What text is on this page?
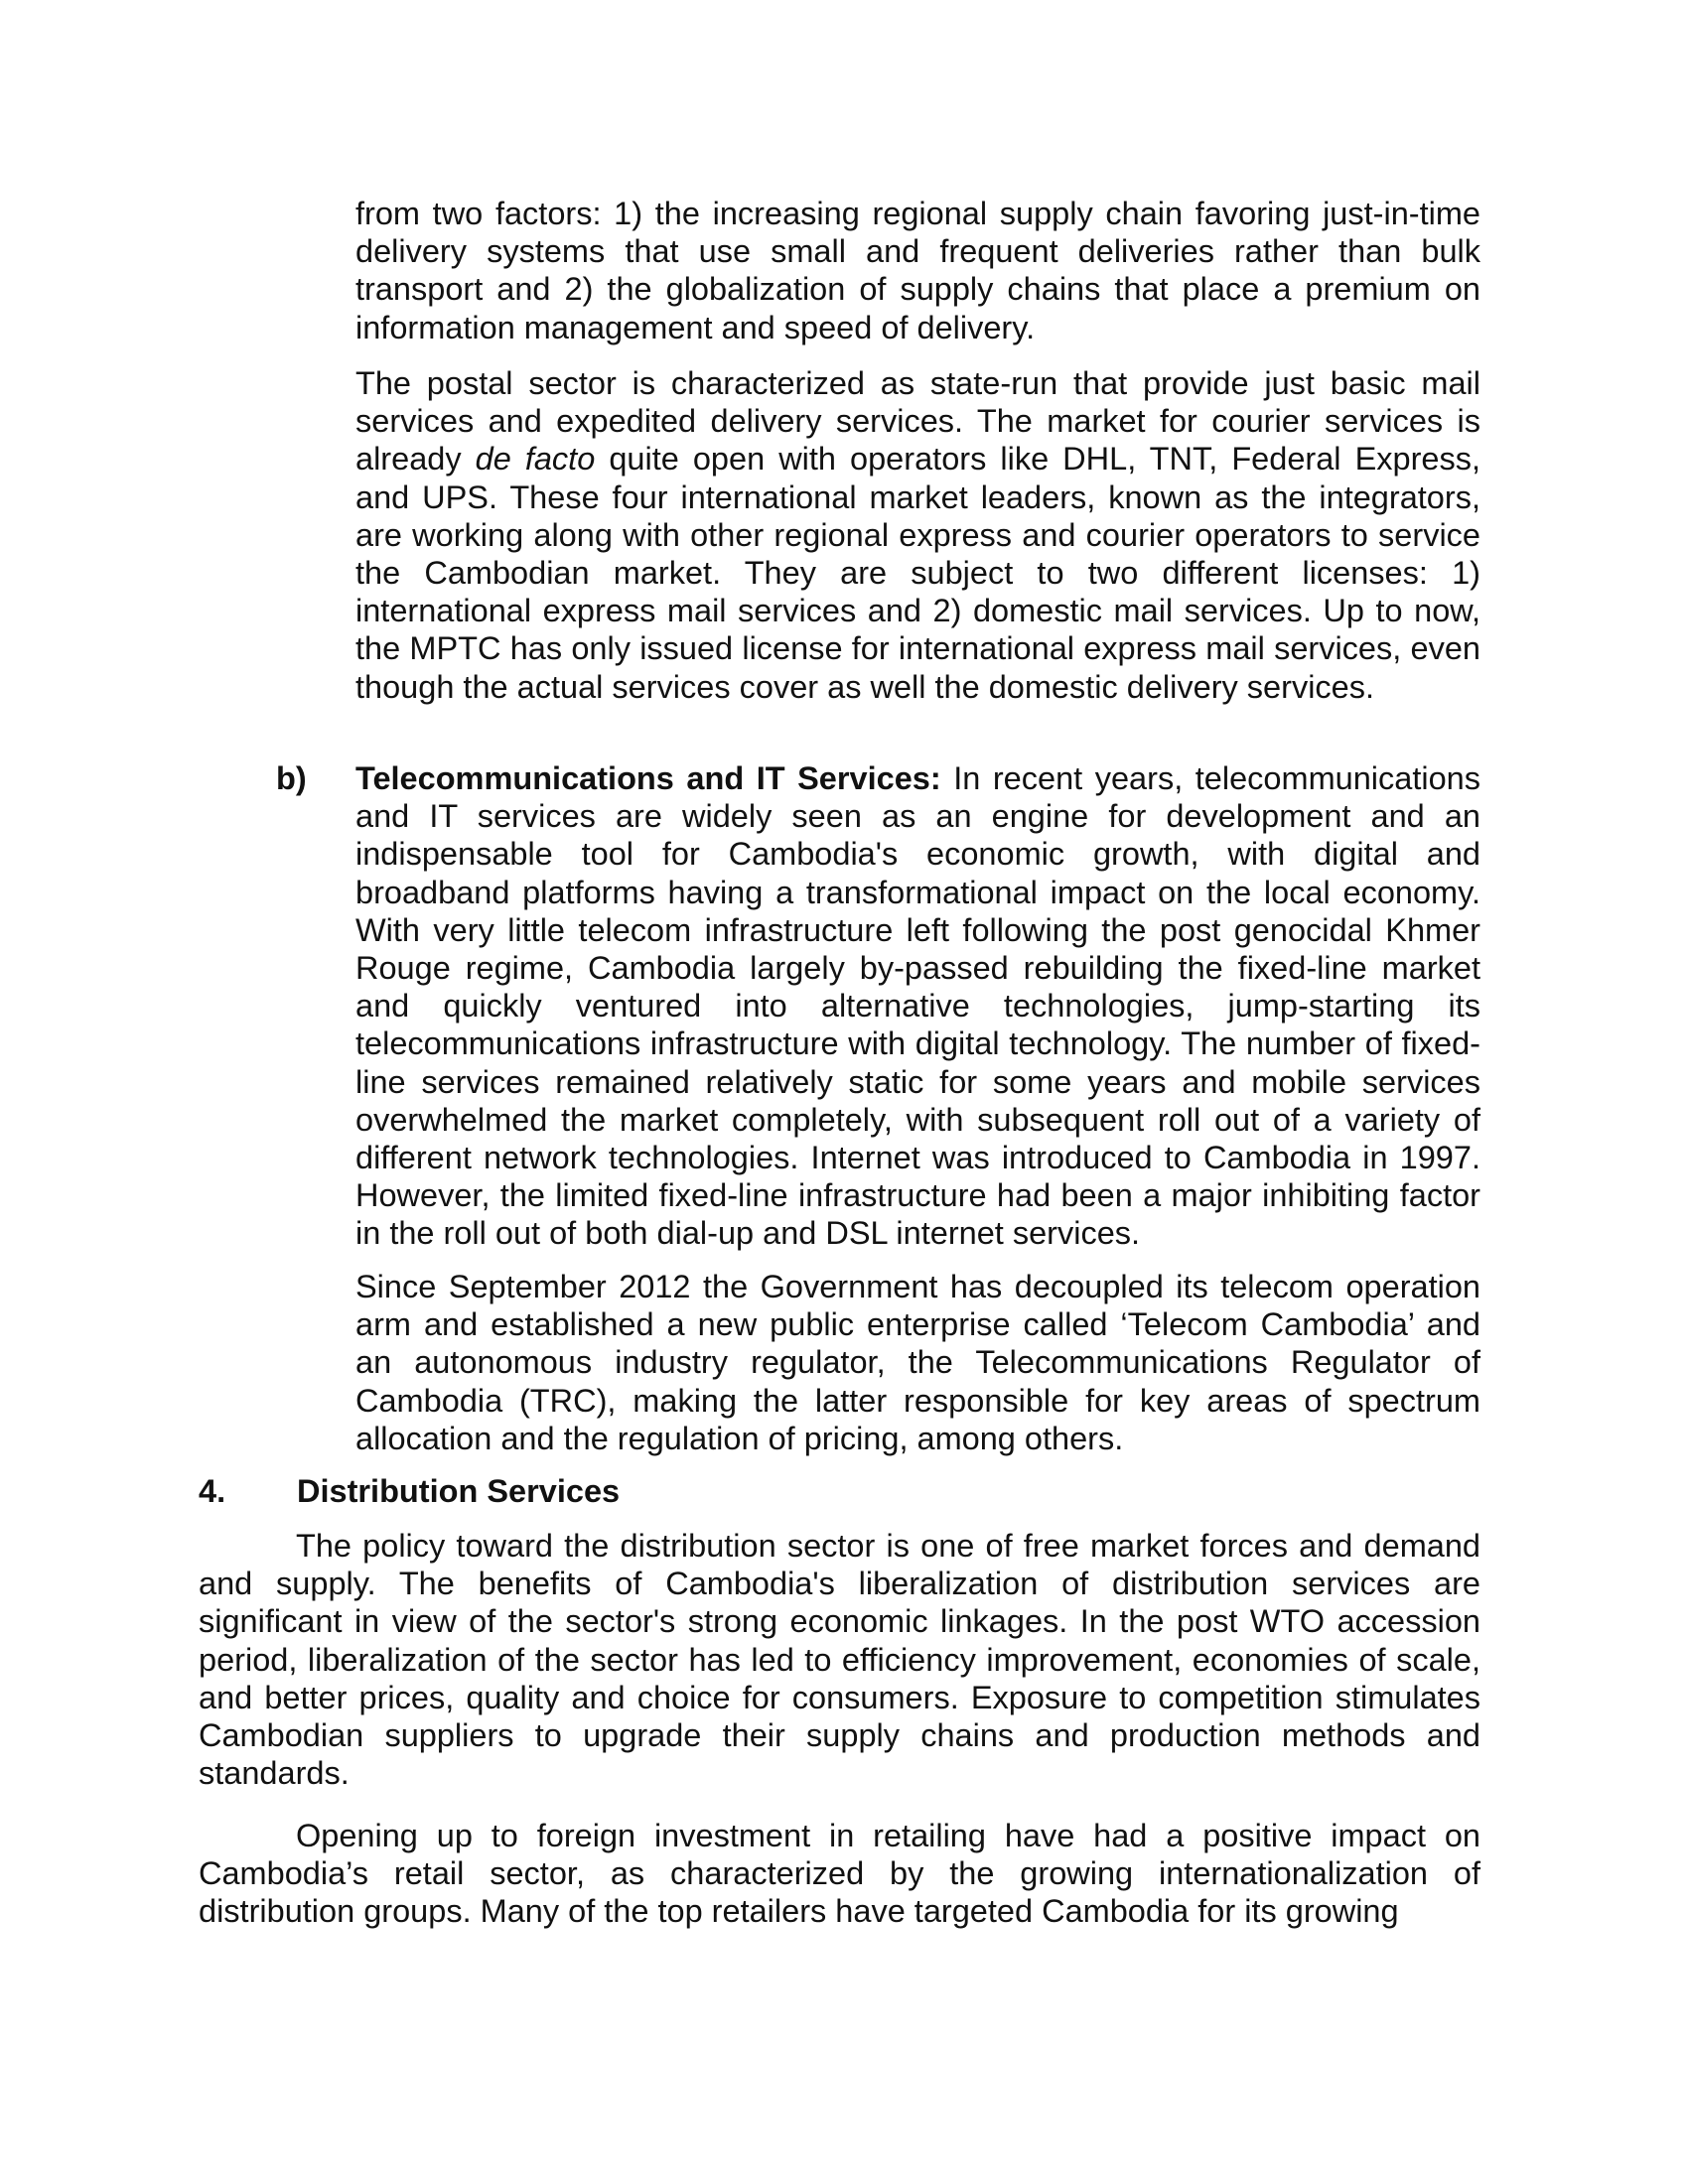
from two factors: 1) the increasing regional supply chain favoring just-in-time delivery systems that use small and frequent deliveries rather than bulk transport and 2) the globalization of supply chains that place a premium on information management and speed of delivery.

The postal sector is characterized as state-run that provide just basic mail services and expedited delivery services. The market for courier services is already de facto quite open with operators like DHL, TNT, Federal Express, and UPS. These four international market leaders, known as the integrators, are working along with other regional express and courier operators to service the Cambodian market. They are subject to two different licenses: 1) international express mail services and 2) domestic mail services. Up to now, the MPTC has only issued license for international express mail services, even though the actual services cover as well the domestic delivery services.

b) Telecommunications and IT Services: In recent years, telecommunications and IT services are widely seen as an engine for development and an indispensable tool for Cambodia's economic growth, with digital and broadband platforms having a transformational impact on the local economy. With very little telecom infrastructure left following the post genocidal Khmer Rouge regime, Cambodia largely by-passed rebuilding the fixed-line market and quickly ventured into alternative technologies, jump-starting its telecommunications infrastructure with digital technology. The number of fixed-line services remained relatively static for some years and mobile services overwhelmed the market completely, with subsequent roll out of a variety of different network technologies. Internet was introduced to Cambodia in 1997. However, the limited fixed-line infrastructure had been a major inhibiting factor in the roll out of both dial-up and DSL internet services.

Since September 2012 the Government has decoupled its telecom operation arm and established a new public enterprise called ‘Telecom Cambodia’ and an autonomous industry regulator, the Telecommunications Regulator of Cambodia (TRC), making the latter responsible for key areas of spectrum allocation and the regulation of pricing, among others.

4. Distribution Services

The policy toward the distribution sector is one of free market forces and demand and supply. The benefits of Cambodia's liberalization of distribution services are significant in view of the sector's strong economic linkages. In the post WTO accession period, liberalization of the sector has led to efficiency improvement, economies of scale, and better prices, quality and choice for consumers. Exposure to competition stimulates Cambodian suppliers to upgrade their supply chains and production methods and standards.

Opening up to foreign investment in retailing have had a positive impact on Cambodia’s retail sector, as characterized by the growing internationalization of distribution groups. Many of the top retailers have targeted Cambodia for its growing
